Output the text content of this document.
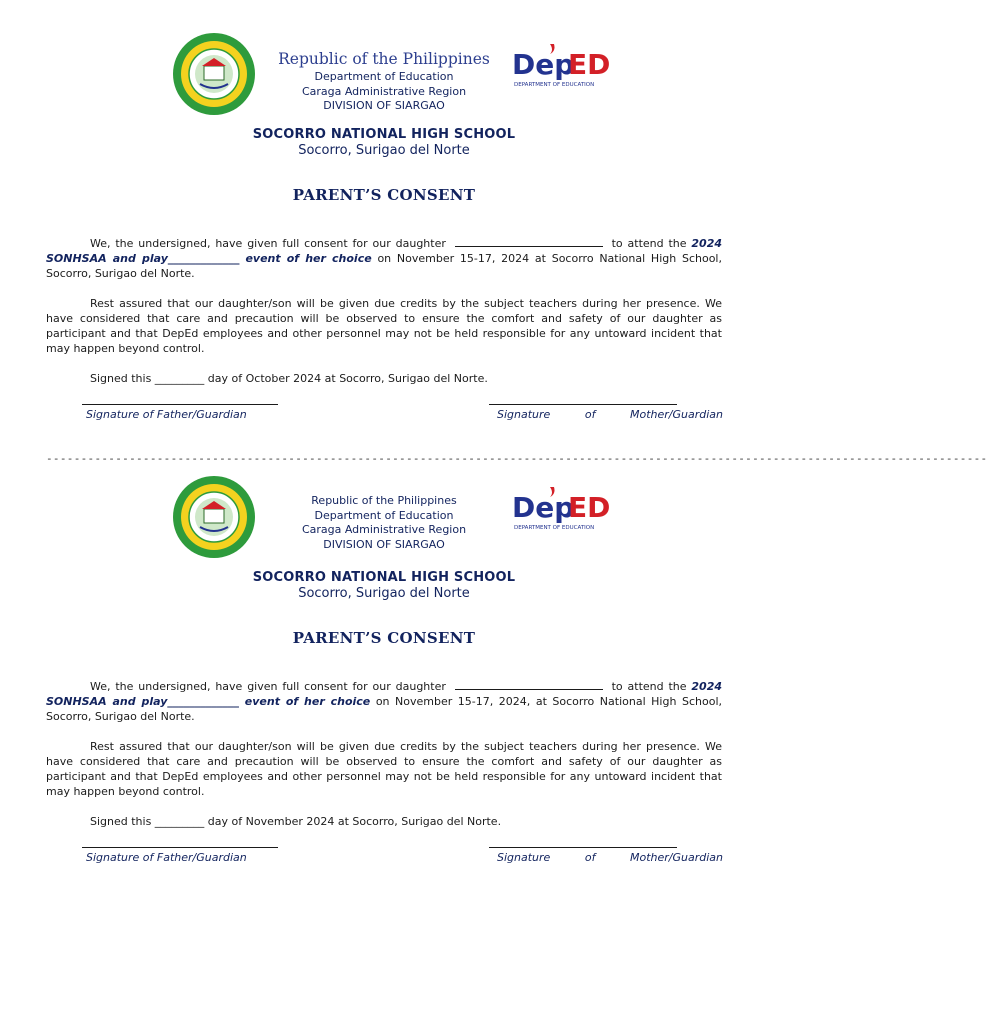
Republic of the Philippines
Department of Education
Caraga Administrative Region
DIVISION OF SIARGAO
Dep
ED
DEPARTMENT OF EDUCATION
SOCORRO NATIONAL HIGH SCHOOL
Socorro, Surigao del Norte
PARENT’S CONSENT
We, the undersigned, have given full consent for our daughter	to attend the 2024 SONHSAA and play_____________ event of her choice on November 15-17, 2024 at Socorro National High School, Socorro, Surigao del Norte.
Rest assured that our daughter/son will be given due credits by the subject teachers during her presence. We have considered that care and precaution will be observed to ensure the comfort and safety of our daughter as participant and that DepEd employees and other personnel may not be held responsible for any untoward incident that may happen beyond control.
Signed this _________ day of October 2024 at Socorro, Surigao del Norte.
Signature of Father/Guardian	Signature	of	Mother/Guardian
----------------------------------------------------------------------------------------------------------------------------------------
Republic of the Philippines
Department of Education
Caraga Administrative Region
DIVISION OF SIARGAO
Dep
ED
DEPARTMENT OF EDUCATION
SOCORRO NATIONAL HIGH SCHOOL
Socorro, Surigao del Norte
PARENT’S CONSENT
We, the undersigned, have given full consent for our daughter	to attend the 2024 SONHSAA and play_____________ event of her choice on November 15-17, 2024, at Socorro National High School, Socorro, Surigao del Norte.
Rest assured that our daughter/son will be given due credits by the subject teachers during her presence. We have considered that care and precaution will be observed to ensure the comfort and safety of our daughter as participant and that DepEd employees and other personnel may not be held responsible for any untoward incident that may happen beyond control.
Signed this _________ day of November 2024 at Socorro, Surigao del Norte.
Signature of Father/Guardian	Signature	of	Mother/Guardian
